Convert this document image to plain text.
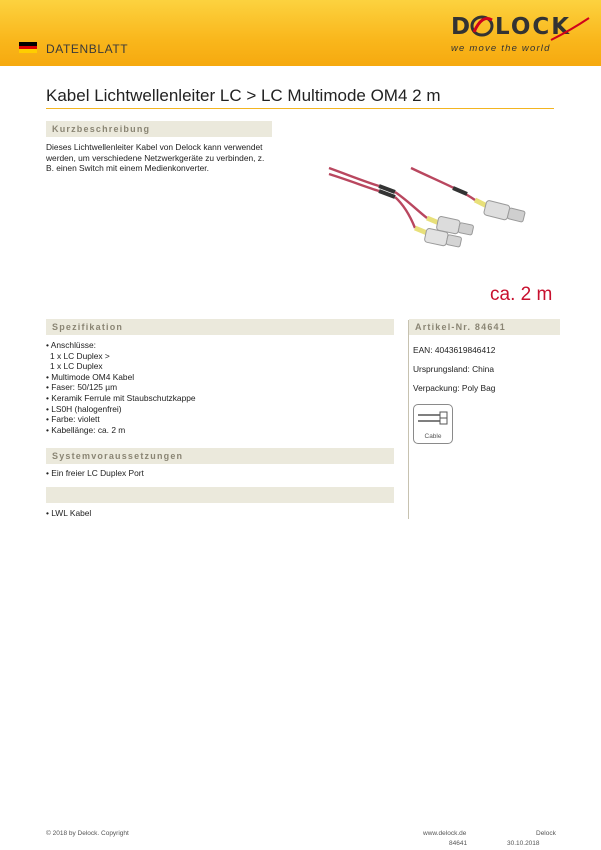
DATENBLATT
D LOCK
we move the world
Kabel Lichtwellenleiter LC > LC Multimode OM4 2 m
Kurzbeschreibung
Dieses Lichtwellenleiter Kabel von Delock kann verwendet
werden, um verschiedene Netzwerkgeräte zu verbinden, z.
B. einen Switch mit einem Medienkonverter.
ca. 2 m
Spezifikation
• Anschlüsse:
1 x LC Duplex >
1 x LC Duplex
• Multimode OM4 Kabel
• Faser: 50/125 µm
• Keramik Ferrule mit Staubschutzkappe
• LS0H (halogenfrei)
• Farbe: violett
• Kabellänge: ca. 2 m
Systemvoraussetzungen
• Ein freier LC Duplex Port
• LWL Kabel
Artikel-Nr. 84641
EAN: 4043619846412
Ursprungsland: China
Verpackung: Poly Bag
Cable
© 2018 by Delock. Copyright	www.delock.de
84641
Delock
30.10.2018
